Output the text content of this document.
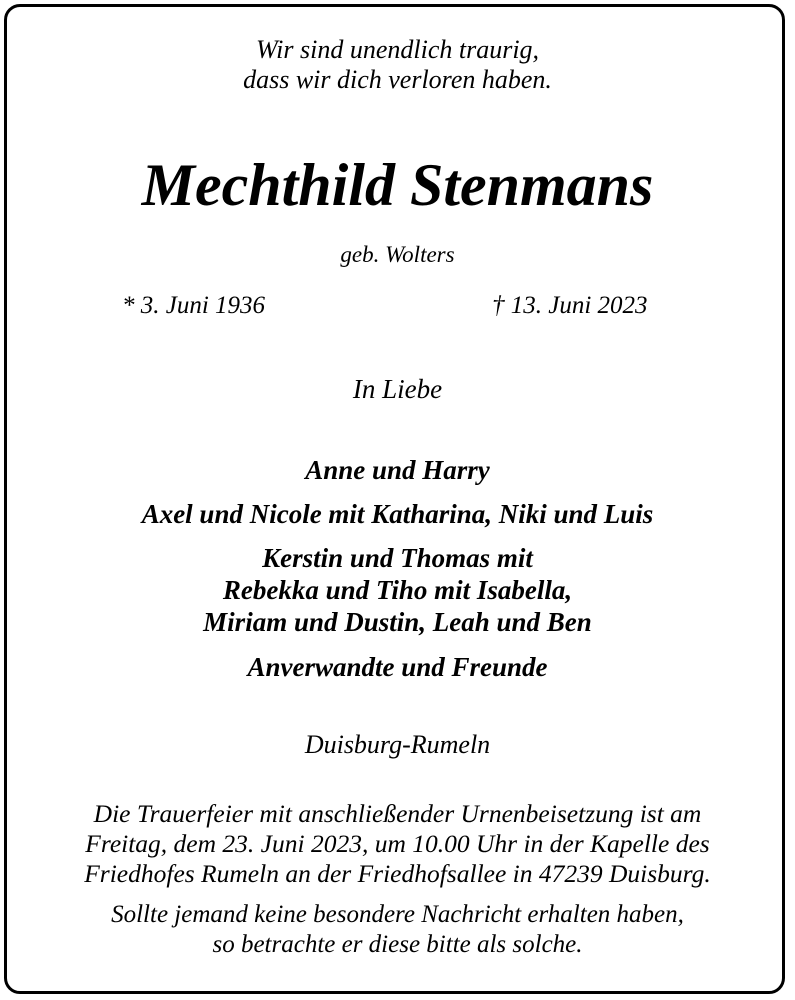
Wir sind unendlich traurig,
dass wir dich verloren haben.
Mechthild Stenmans
geb. Wolters
* 3. Juni 1936	† 13. Juni 2023
In Liebe
Anne und Harry
Axel und Nicole mit Katharina, Niki und Luis
Kerstin und Thomas mit
Rebekka und Tiho mit Isabella,
Miriam und Dustin, Leah und Ben
Anverwandte und Freunde
Duisburg-Rumeln
Die Trauerfeier mit anschließender Urnenbeisetzung ist am
Freitag, dem 23. Juni 2023, um 10.00 Uhr in der Kapelle des
Friedhofes Rumeln an der Friedhofsallee in 47239 Duisburg.
Sollte jemand keine besondere Nachricht erhalten haben,
so betrachte er diese bitte als solche.
